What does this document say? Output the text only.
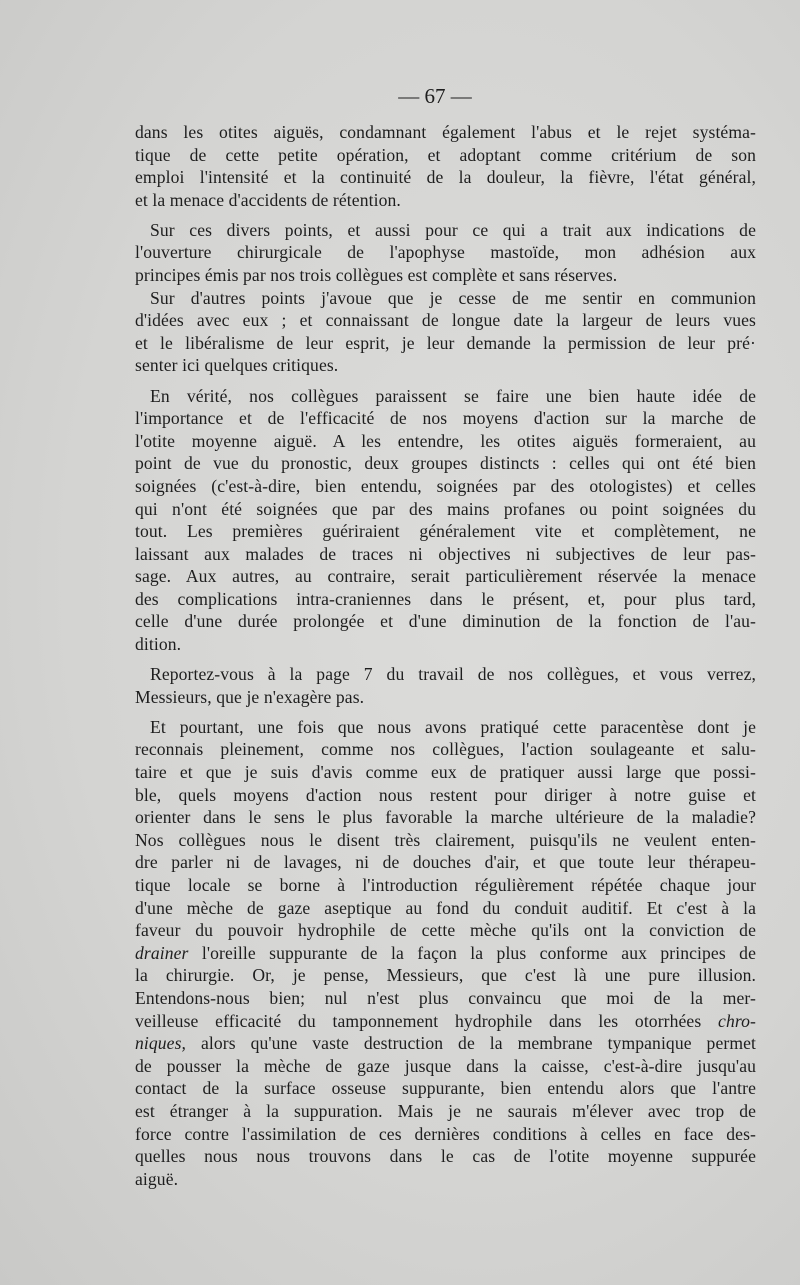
— 67 —
dans les otites aiguës, condamnant également l'abus et le rejet systéma-
tique de cette petite opération, et adoptant comme critérium de son
emploi l'intensité et la continuité de la douleur, la fièvre, l'état général,
et la menace d'accidents de rétention.
Sur ces divers points, et aussi pour ce qui a trait aux indications de
l'ouverture chirurgicale de l'apophyse mastoïde, mon adhésion aux
principes émis par nos trois collègues est complète et sans réserves.
Sur d'autres points j'avoue que je cesse de me sentir en communion
d'idées avec eux ; et connaissant de longue date la largeur de leurs vues
et le libéralisme de leur esprit, je leur demande la permission de leur pré·
senter ici quelques critiques.
En vérité, nos collègues paraissent se faire une bien haute idée de
l'importance et de l'efficacité de nos moyens d'action sur la marche de
l'otite moyenne aiguë. A les entendre, les otites aiguës formeraient, au
point de vue du pronostic, deux groupes distincts : celles qui ont été bien
soignées (c'est-à-dire, bien entendu, soignées par des otologistes) et celles
qui n'ont été soignées que par des mains profanes ou point soignées du
tout. Les premières guériraient généralement vite et complètement, ne
laissant aux malades de traces ni objectives ni subjectives de leur pas-
sage. Aux autres, au contraire, serait particulièrement réservée la menace
des complications intra-craniennes dans le présent, et, pour plus tard,
celle d'une durée prolongée et d'une diminution de la fonction de l'au-
dition.
Reportez-vous à la page 7 du travail de nos collègues, et vous verrez,
Messieurs, que je n'exagère pas.
Et pourtant, une fois que nous avons pratiqué cette paracentèse dont je
reconnais pleinement, comme nos collègues, l'action soulageante et salu-
taire et que je suis d'avis comme eux de pratiquer aussi large que possi-
ble, quels moyens d'action nous restent pour diriger à notre guise et
orienter dans le sens le plus favorable la marche ultérieure de la maladie?
Nos collègues nous le disent très clairement, puisqu'ils ne veulent enten-
dre parler ni de lavages, ni de douches d'air, et que toute leur thérapeu-
tique locale se borne à l'introduction régulièrement répétée chaque jour
d'une mèche de gaze aseptique au fond du conduit auditif. Et c'est à la
faveur du pouvoir hydrophile de cette mèche qu'ils ont la conviction de
drainer l'oreille suppurante de la façon la plus conforme aux principes de
la chirurgie. Or, je pense, Messieurs, que c'est là une pure illusion.
Entendons-nous bien; nul n'est plus convaincu que moi de la mer-
veilleuse efficacité du tamponnement hydrophile dans les otorrhées chro-
niques, alors qu'une vaste destruction de la membrane tympanique permet
de pousser la mèche de gaze jusque dans la caisse, c'est-à-dire jusqu'au
contact de la surface osseuse suppurante, bien entendu alors que l'antre
est étranger à la suppuration. Mais je ne saurais m'élever avec trop de
force contre l'assimilation de ces dernières conditions à celles en face des-
quelles nous nous trouvons dans le cas de l'otite moyenne suppurée
aiguë.
